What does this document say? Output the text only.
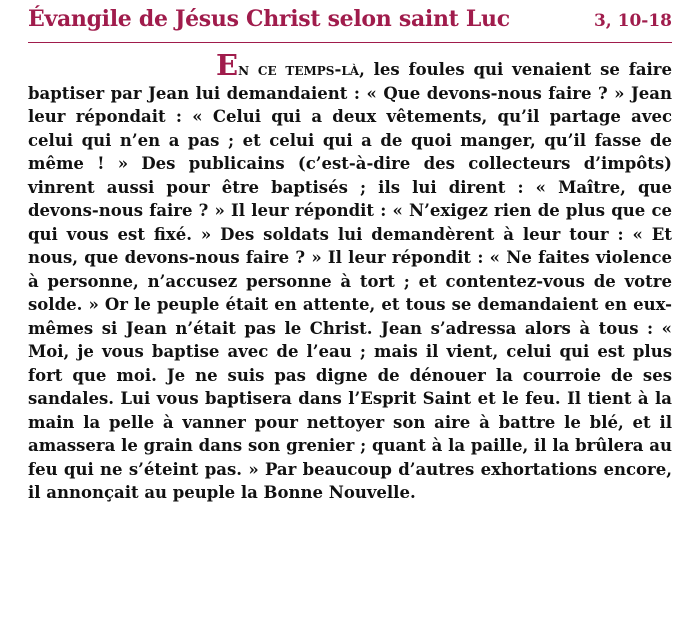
Évangile de Jésus Christ selon saint Luc	3, 10-18
En ce temps-là, les foules qui venaient se faire baptiser par Jean lui demandaient : « Que devons-nous faire ? » Jean leur répondait : « Celui qui a deux vêtements, qu’il partage avec celui qui n’en a pas ; et celui qui a de quoi manger, qu’il fasse de même ! » Des publicains (c’est-à-dire des collecteurs d’impôts) vinrent aussi pour être baptisés ; ils lui dirent : « Maître, que devons-nous faire ? » Il leur répondit : « N’exigez rien de plus que ce qui vous est fixé. » Des soldats lui demandèrent à leur tour : « Et nous, que devons-nous faire ? » Il leur répondit : « Ne faites violence à personne, n’accusez personne à tort ; et contentez-vous de votre solde. » Or le peuple était en attente, et tous se demandaient en eux-mêmes si Jean n’était pas le Christ. Jean s’adressa alors à tous : « Moi, je vous baptise avec de l’eau ; mais il vient, celui qui est plus fort que moi. Je ne suis pas digne de dénouer la courroie de ses sandales. Lui vous baptisera dans l’Esprit Saint et le feu. Il tient à la main la pelle à vanner pour nettoyer son aire à battre le blé, et il amassera le grain dans son grenier ; quant à la paille, il la brûlera au feu qui ne s’éteint pas. » Par beaucoup d’autres exhortations encore, il annonçait au peuple la Bonne Nouvelle.
